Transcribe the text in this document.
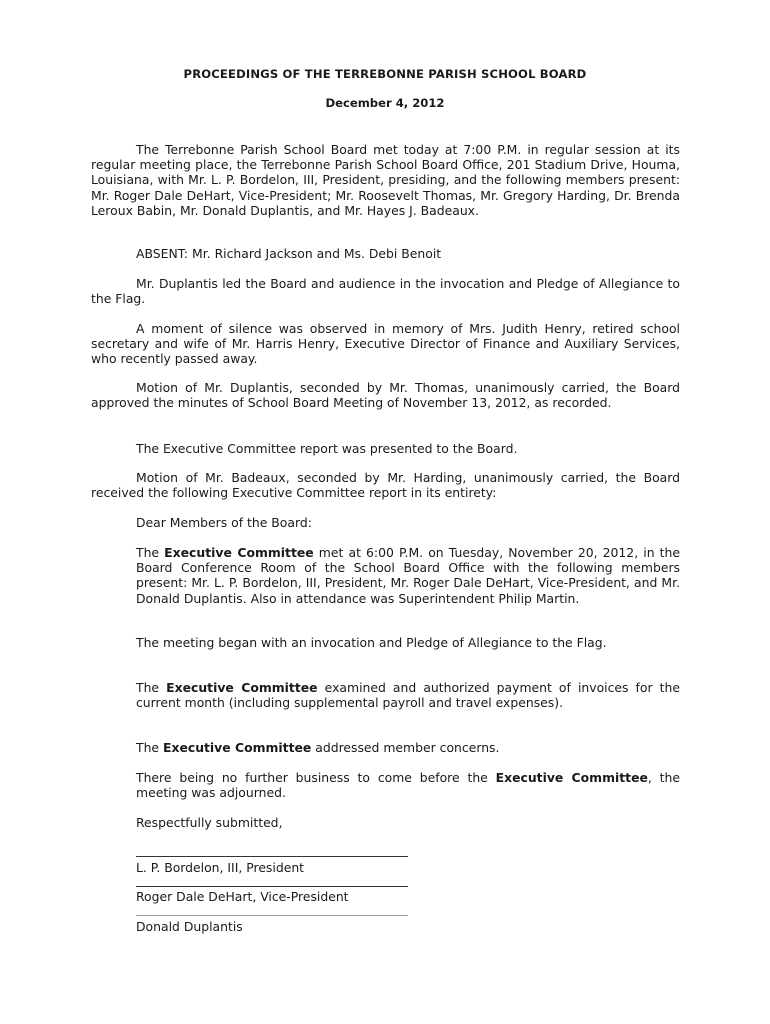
PROCEEDINGS OF THE TERREBONNE PARISH SCHOOL BOARD
December 4, 2012

The Terrebonne Parish School Board met today at 7:00 P.M. in regular session at its regular meeting place, the Terrebonne Parish School Board Office, 201 Stadium Drive, Houma, Louisiana, with Mr. L. P. Bordelon, III, President, presiding, and the following members present: Mr. Roger Dale DeHart, Vice-President; Mr. Roosevelt Thomas, Mr. Gregory Harding, Dr. Brenda Leroux Babin, Mr. Donald Duplantis, and Mr. Hayes J. Badeaux.

ABSENT: Mr. Richard Jackson and Ms. Debi Benoit

Mr. Duplantis led the Board and audience in the invocation and Pledge of Allegiance to the Flag.

A moment of silence was observed in memory of Mrs. Judith Henry, retired school secretary and wife of Mr. Harris Henry, Executive Director of Finance and Auxiliary Services, who recently passed away.

Motion of Mr. Duplantis, seconded by Mr. Thomas, unanimously carried, the Board approved the minutes of School Board Meeting of November 13, 2012, as recorded.

The Executive Committee report was presented to the Board.

Motion of Mr. Badeaux, seconded by Mr. Harding, unanimously carried, the Board received the following Executive Committee report in its entirety:

Dear Members of the Board:

The Executive Committee met at 6:00 P.M. on Tuesday, November 20, 2012, in the Board Conference Room of the School Board Office with the following members present: Mr. L. P. Bordelon, III, President, Mr. Roger Dale DeHart, Vice-President, and Mr. Donald Duplantis. Also in attendance was Superintendent Philip Martin.

The meeting began with an invocation and Pledge of Allegiance to the Flag.

The Executive Committee examined and authorized payment of invoices for the current month (including supplemental payroll and travel expenses).

The Executive Committee addressed member concerns.

There being no further business to come before the Executive Committee, the meeting was adjourned.

Respectfully submitted,

L. P. Bordelon, III, President

Roger Dale DeHart, Vice-President

Donald Duplantis
